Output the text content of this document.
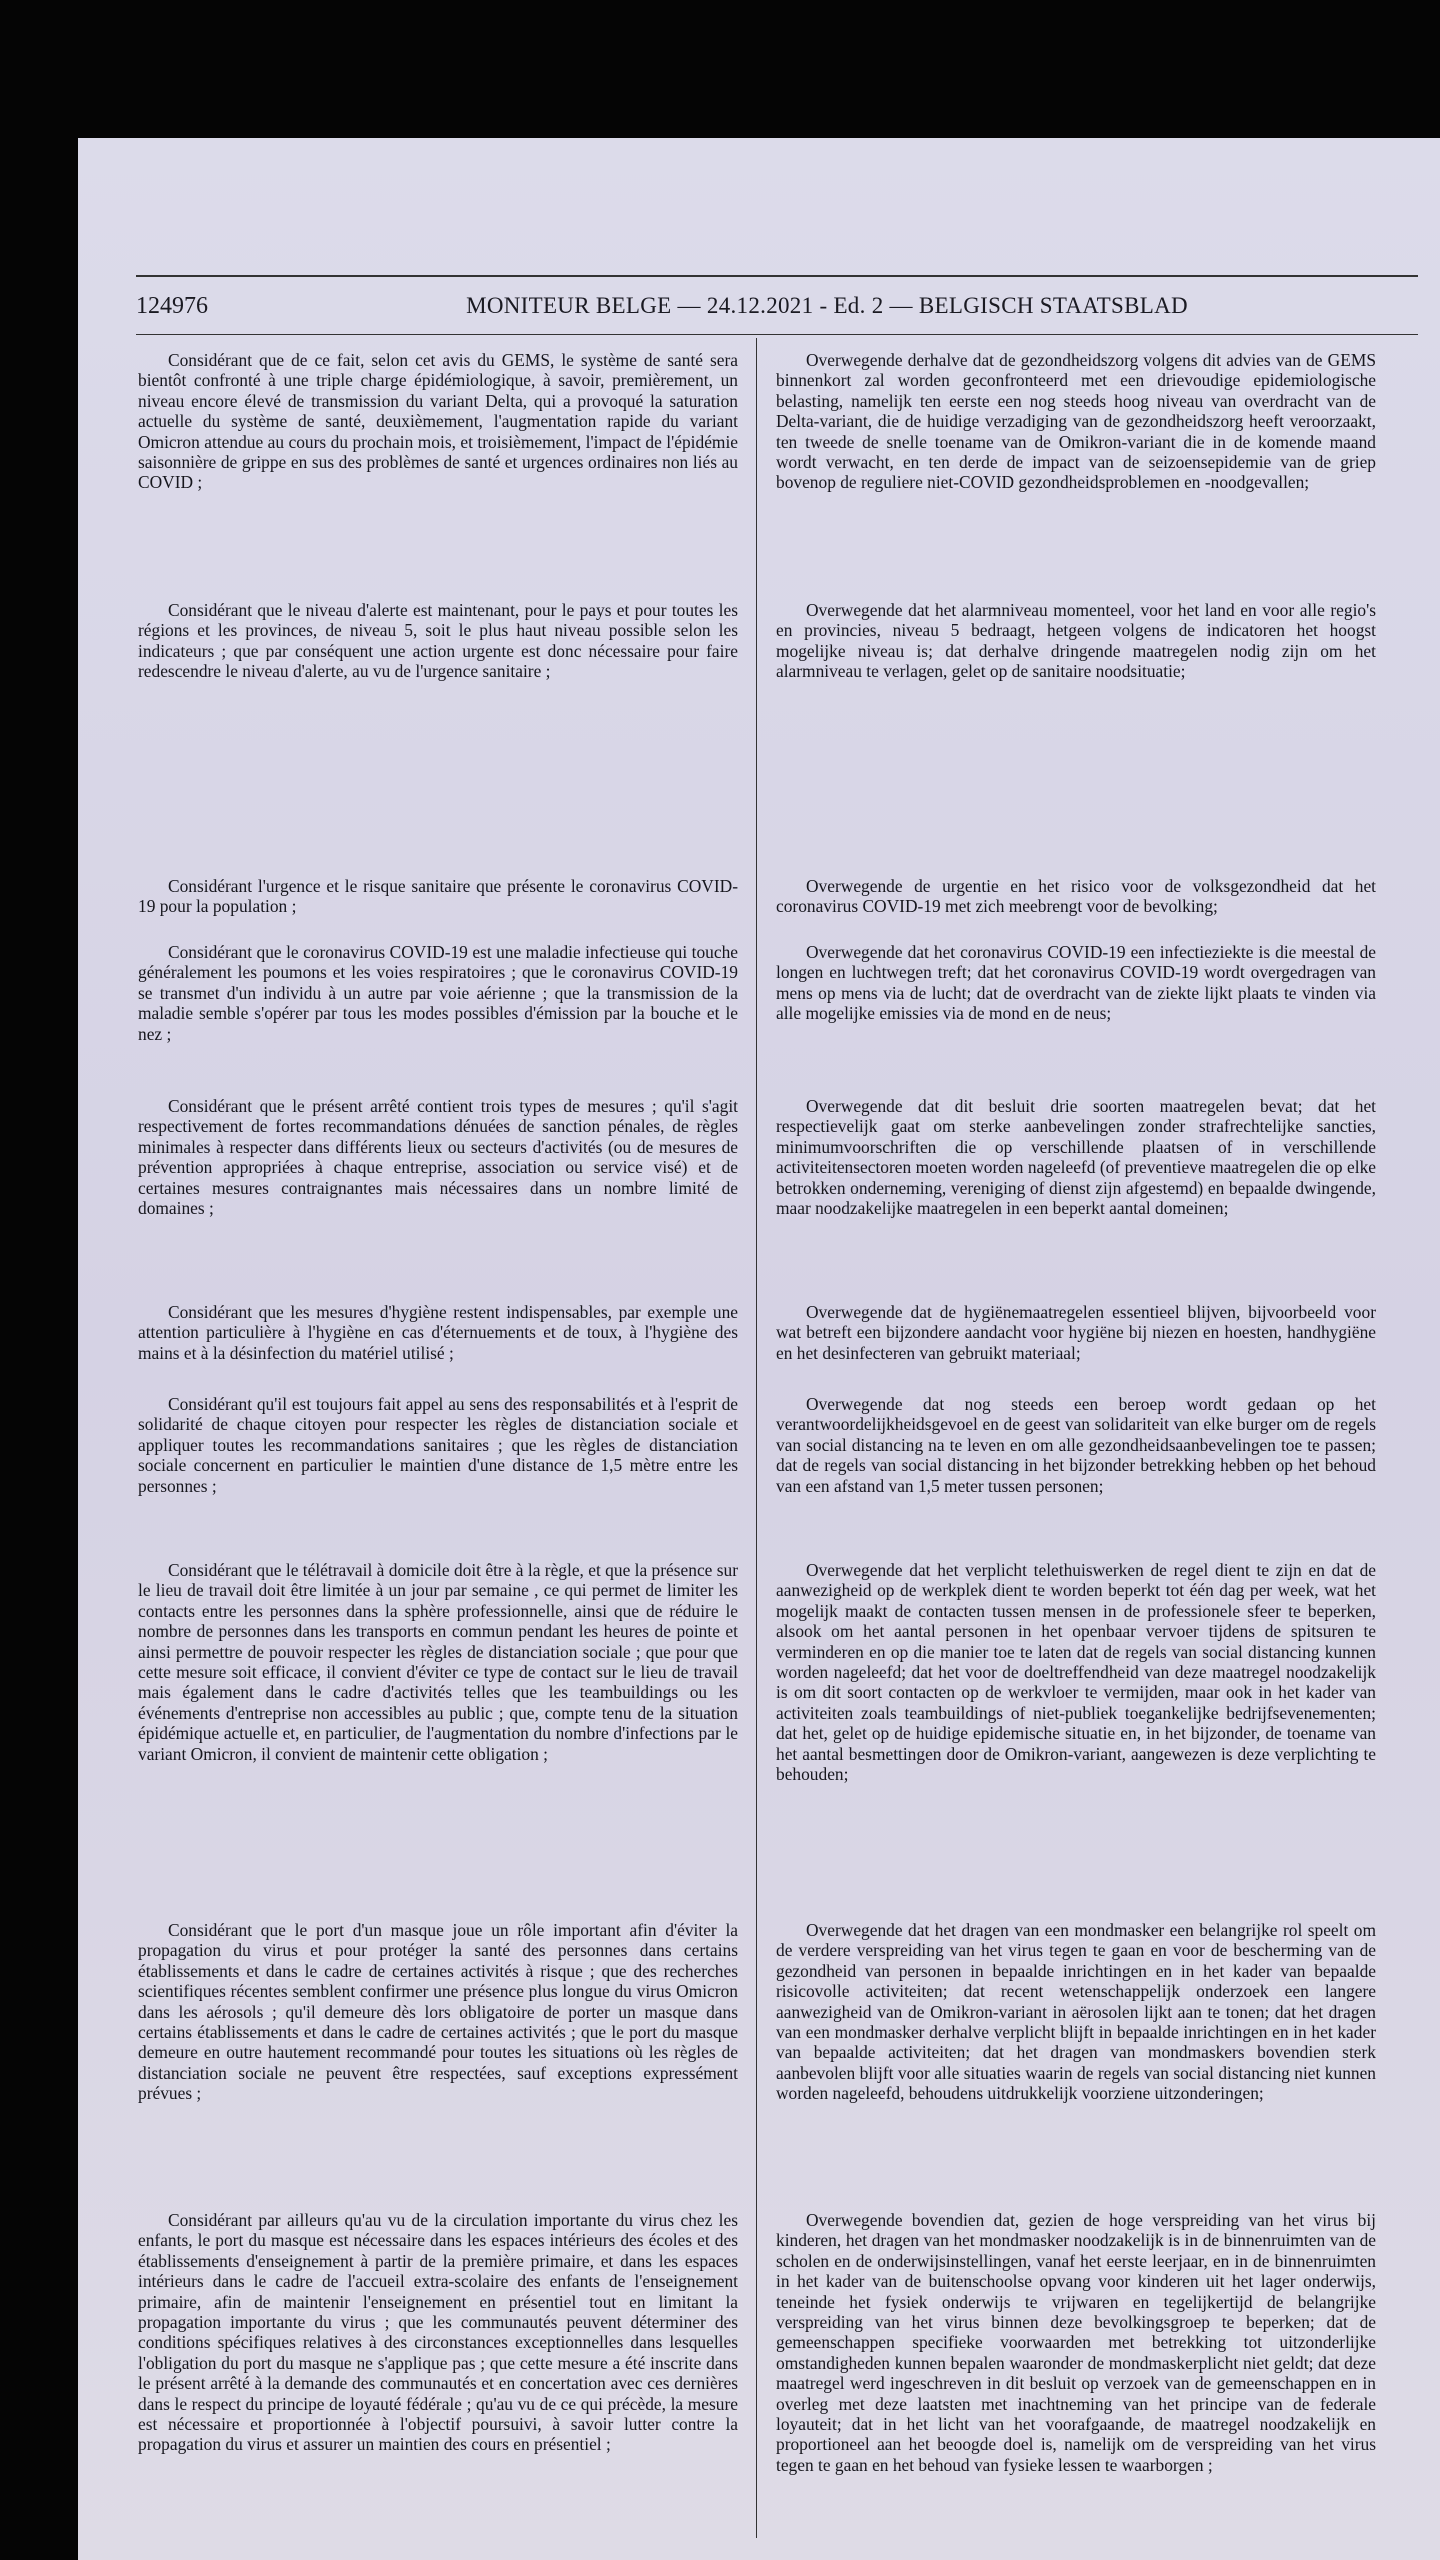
124976	MONITEUR BELGE — 24.12.2021 - Ed. 2 — BELGISCH STAATSBLAD

Considérant que de ce fait, selon cet avis du GEMS, le système de santé sera bientôt confronté à une triple charge épidémiologique, à savoir, premièrement, un niveau encore élevé de transmission du variant Delta, qui a provoqué la saturation actuelle du système de santé, deuxièmement, l'augmentation rapide du variant Omicron attendue au cours du prochain mois, et troisièmement, l'impact de l'épidémie saisonnière de grippe en sus des problèmes de santé et urgences ordinaires non liés au COVID ;

Considérant que le niveau d'alerte est maintenant, pour le pays et pour toutes les régions et les provinces, de niveau 5, soit le plus haut niveau possible selon les indicateurs ; que par conséquent une action urgente est donc nécessaire pour faire redescendre le niveau d'alerte, au vu de l'urgence sanitaire ;

Considérant l'urgence et le risque sanitaire que présente le coronavirus COVID-19 pour la population ;

Considérant que le coronavirus COVID-19 est une maladie infectieuse qui touche généralement les poumons et les voies respiratoires ; que le coronavirus COVID-19 se transmet d'un individu à un autre par voie aérienne ; que la transmission de la maladie semble s'opérer par tous les modes possibles d'émission par la bouche et le nez ;

Considérant que le présent arrêté contient trois types de mesures ; qu'il s'agit respectivement de fortes recommandations dénuées de sanction pénales, de règles minimales à respecter dans différents lieux ou secteurs d'activités (ou de mesures de prévention appropriées à chaque entreprise, association ou service visé) et de certaines mesures contraignantes mais nécessaires dans un nombre limité de domaines ;

Considérant que les mesures d'hygiène restent indispensables, par exemple une attention particulière à l'hygiène en cas d'éternuements et de toux, à l'hygiène des mains et à la désinfection du matériel utilisé ;

Considérant qu'il est toujours fait appel au sens des responsabilités et à l'esprit de solidarité de chaque citoyen pour respecter les règles de distanciation sociale et appliquer toutes les recommandations sanitaires ; que les règles de distanciation sociale concernent en particulier le maintien d'une distance de 1,5 mètre entre les personnes ;

Considérant que le télétravail à domicile doit être à la règle, et que la présence sur le lieu de travail doit être limitée à un jour par semaine , ce qui permet de limiter les contacts entre les personnes dans la sphère professionnelle, ainsi que de réduire le nombre de personnes dans les transports en commun pendant les heures de pointe et ainsi permettre de pouvoir respecter les règles de distanciation sociale ; que pour que cette mesure soit efficace, il convient d'éviter ce type de contact sur le lieu de travail mais également dans le cadre d'activités telles que les teambuildings ou les événements d'entreprise non accessibles au public ; que, compte tenu de la situation épidémique actuelle et, en particulier, de l'augmentation du nombre d'infections par le variant Omicron, il convient de maintenir cette obligation ;

Considérant que le port d'un masque joue un rôle important afin d'éviter la propagation du virus et pour protéger la santé des personnes dans certains établissements et dans le cadre de certaines activités à risque ; que des recherches scientifiques récentes semblent confirmer une présence plus longue du virus Omicron dans les aérosols ; qu'il demeure dès lors obligatoire de porter un masque dans certains établissements et dans le cadre de certaines activités ; que le port du masque demeure en outre hautement recommandé pour toutes les situations où les règles de distanciation sociale ne peuvent être respectées, sauf exceptions expressément prévues ;

Considérant par ailleurs qu'au vu de la circulation importante du virus chez les enfants, le port du masque est nécessaire dans les espaces intérieurs des écoles et des établissements d'enseignement à partir de la première primaire, et dans les espaces intérieurs dans le cadre de l'accueil extra-scolaire des enfants de l'enseignement primaire, afin de maintenir l'enseignement en présentiel tout en limitant la propagation importante du virus ; que les communautés peuvent déterminer des conditions spécifiques relatives à des circonstances exceptionnelles dans lesquelles l'obligation du port du masque ne s'applique pas ; que cette mesure a été inscrite dans le présent arrêté à la demande des communautés et en concertation avec ces dernières dans le respect du principe de loyauté fédérale ; qu'au vu de ce qui précède, la mesure est nécessaire et proportionnée à l'objectif poursuivi, à savoir lutter contre la propagation du virus et assurer un maintien des cours en présentiel ;

Overwegende derhalve dat de gezondheidszorg volgens dit advies van de GEMS binnenkort zal worden geconfronteerd met een drievoudige epidemiologische belasting, namelijk ten eerste een nog steeds hoog niveau van overdracht van de Delta-variant, die de huidige verzadiging van de gezondheidszorg heeft veroorzaakt, ten tweede de snelle toename van de Omikron-variant die in de komende maand wordt verwacht, en ten derde de impact van de seizoensepidemie van de griep bovenop de reguliere niet-COVID gezondheidsproblemen en -noodgevallen;

Overwegende dat het alarmniveau momenteel, voor het land en voor alle regio's en provincies, niveau 5 bedraagt, hetgeen volgens de indicatoren het hoogst mogelijke niveau is; dat derhalve dringende maatregelen nodig zijn om het alarmniveau te verlagen, gelet op de sanitaire noodsituatie;

Overwegende de urgentie en het risico voor de volksgezondheid dat het coronavirus COVID-19 met zich meebrengt voor de bevolking;

Overwegende dat het coronavirus COVID-19 een infectieziekte is die meestal de longen en luchtwegen treft; dat het coronavirus COVID-19 wordt overgedragen van mens op mens via de lucht; dat de overdracht van de ziekte lijkt plaats te vinden via alle mogelijke emissies via de mond en de neus;

Overwegende dat dit besluit drie soorten maatregelen bevat; dat het respectievelijk gaat om sterke aanbevelingen zonder strafrechtelijke sancties, minimumvoorschriften die op verschillende plaatsen of in verschillende activiteitensectoren moeten worden nageleefd (of preventieve maatregelen die op elke betrokken onderneming, vereniging of dienst zijn afgestemd) en bepaalde dwingende, maar noodzakelijke maatregelen in een beperkt aantal domeinen;

Overwegende dat de hygiënemaatregelen essentieel blijven, bijvoorbeeld voor wat betreft een bijzondere aandacht voor hygiëne bij niezen en hoesten, handhygiëne en het desinfecteren van gebruikt materiaal;

Overwegende dat nog steeds een beroep wordt gedaan op het verantwoordelijkheidsgevoel en de geest van solidariteit van elke burger om de regels van social distancing na te leven en om alle gezondheidsaanbevelingen toe te passen; dat de regels van social distancing in het bijzonder betrekking hebben op het behoud van een afstand van 1,5 meter tussen personen;

Overwegende dat het verplicht telethuiswerken de regel dient te zijn en dat de aanwezigheid op de werkplek dient te worden beperkt tot één dag per week, wat het mogelijk maakt de contacten tussen mensen in de professionele sfeer te beperken, alsook om het aantal personen in het openbaar vervoer tijdens de spitsuren te verminderen en op die manier toe te laten dat de regels van social distancing kunnen worden nageleefd; dat het voor de doeltreffendheid van deze maatregel noodzakelijk is om dit soort contacten op de werkvloer te vermijden, maar ook in het kader van activiteiten zoals teambuildings of niet-publiek toegankelijke bedrijfsevenementen; dat het, gelet op de huidige epidemische situatie en, in het bijzonder, de toename van het aantal besmettingen door de Omikron-variant, aangewezen is deze verplichting te behouden;

Overwegende dat het dragen van een mondmasker een belangrijke rol speelt om de verdere verspreiding van het virus tegen te gaan en voor de bescherming van de gezondheid van personen in bepaalde inrichtingen en in het kader van bepaalde risicovolle activiteiten; dat recent wetenschappelijk onderzoek een langere aanwezigheid van de Omikron-variant in aërosolen lijkt aan te tonen; dat het dragen van een mondmasker derhalve verplicht blijft in bepaalde inrichtingen en in het kader van bepaalde activiteiten; dat het dragen van mondmaskers bovendien sterk aanbevolen blijft voor alle situaties waarin de regels van social distancing niet kunnen worden nageleefd, behoudens uitdrukkelijk voorziene uitzonderingen;

Overwegende bovendien dat, gezien de hoge verspreiding van het virus bij kinderen, het dragen van het mondmasker noodzakelijk is in de binnenruimten van de scholen en de onderwijsinstellingen, vanaf het eerste leerjaar, en in de binnenruimten in het kader van de buitenschoolse opvang voor kinderen uit het lager onderwijs, teneinde het fysiek onderwijs te vrijwaren en tegelijkertijd de belangrijke verspreiding van het virus binnen deze bevolkingsgroep te beperken; dat de gemeenschappen specifieke voorwaarden met betrekking tot uitzonderlijke omstandigheden kunnen bepalen waaronder de mondmaskerplicht niet geldt; dat deze maatregel werd ingeschreven in dit besluit op verzoek van de gemeenschappen en in overleg met deze laatsten met inachtneming van het principe van de federale loyauteit; dat in het licht van het voorafgaande, de maatregel noodzakelijk en proportioneel aan het beoogde doel is, namelijk om de verspreiding van het virus tegen te gaan en het behoud van fysieke lessen te waarborgen ;
